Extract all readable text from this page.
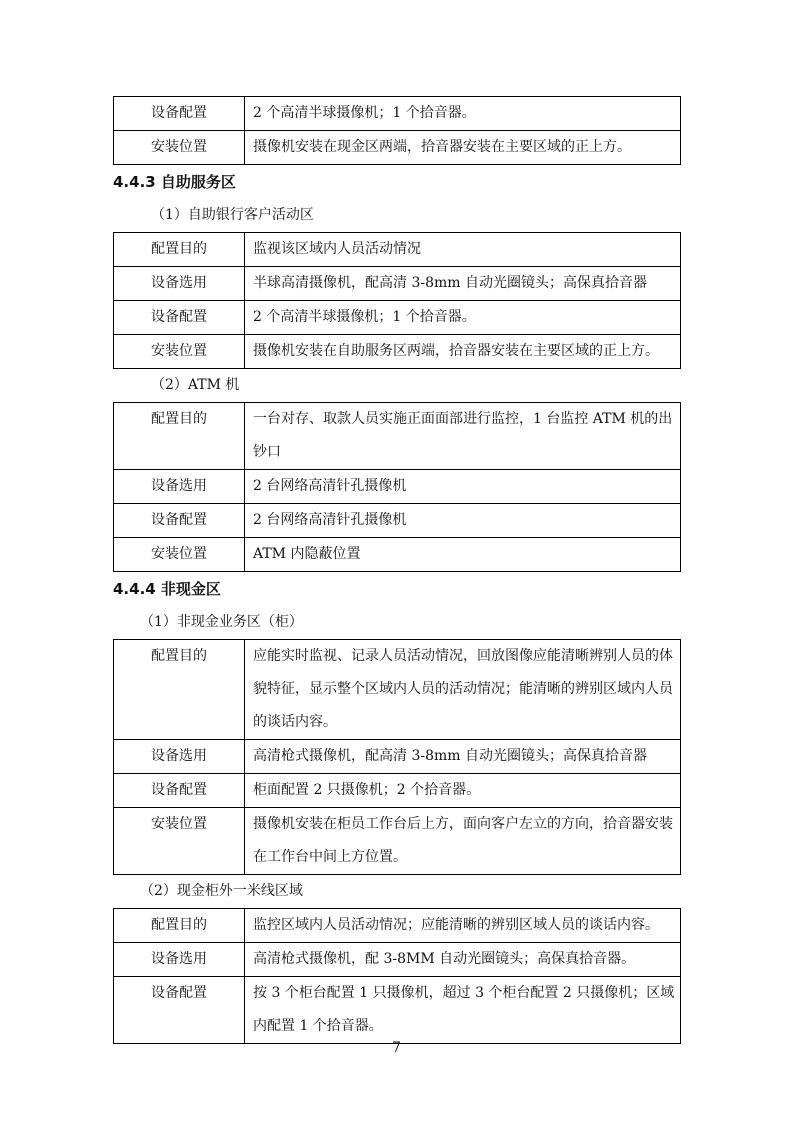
设备配置	2 个高清半球摄像机；1 个拾音器。
安装位置	摄像机安装在现金区两端，拾音器安装在主要区域的正上方。
4.4.3 自助服务区
（1）自助银行客户活动区
配置目的	监视该区域内人员活动情况
设备选用	半球高清摄像机，配高清 3-8mm 自动光圈镜头；高保真拾音器
设备配置	2 个高清半球摄像机；1 个拾音器。
安装位置	摄像机安装在自助服务区两端，拾音器安装在主要区域的正上方。
（2）ATM 机
配置目的	一台对存、取款人员实施正面面部进行监控，1 台监控 ATM 机的出钞口
设备选用	2 台网络高清针孔摄像机
设备配置	2 台网络高清针孔摄像机
安装位置	ATM 内隐蔽位置
4.4.4 非现金区
（1）非现金业务区（柜）
配置目的	应能实时监视、记录人员活动情况，回放图像应能清晰辨别人员的体貌特征，显示整个区域内人员的活动情况；能清晰的辨别区域内人员的谈话内容。
设备选用	高清枪式摄像机，配高清 3-8mm 自动光圈镜头；高保真拾音器
设备配置	柜面配置 2 只摄像机；2 个拾音器。
安装位置	摄像机安装在柜员工作台后上方，面向客户左立的方向，拾音器安装在工作台中间上方位置。
（2）现金柜外一米线区域
配置目的	监控区域内人员活动情况；应能清晰的辨别区域人员的谈话内容。
设备选用	高清枪式摄像机，配 3-8MM 自动光圈镜头；高保真拾音器。
设备配置	按 3 个柜台配置 1 只摄像机，超过 3 个柜台配置 2 只摄像机；区域内配置 1 个拾音器。
7
